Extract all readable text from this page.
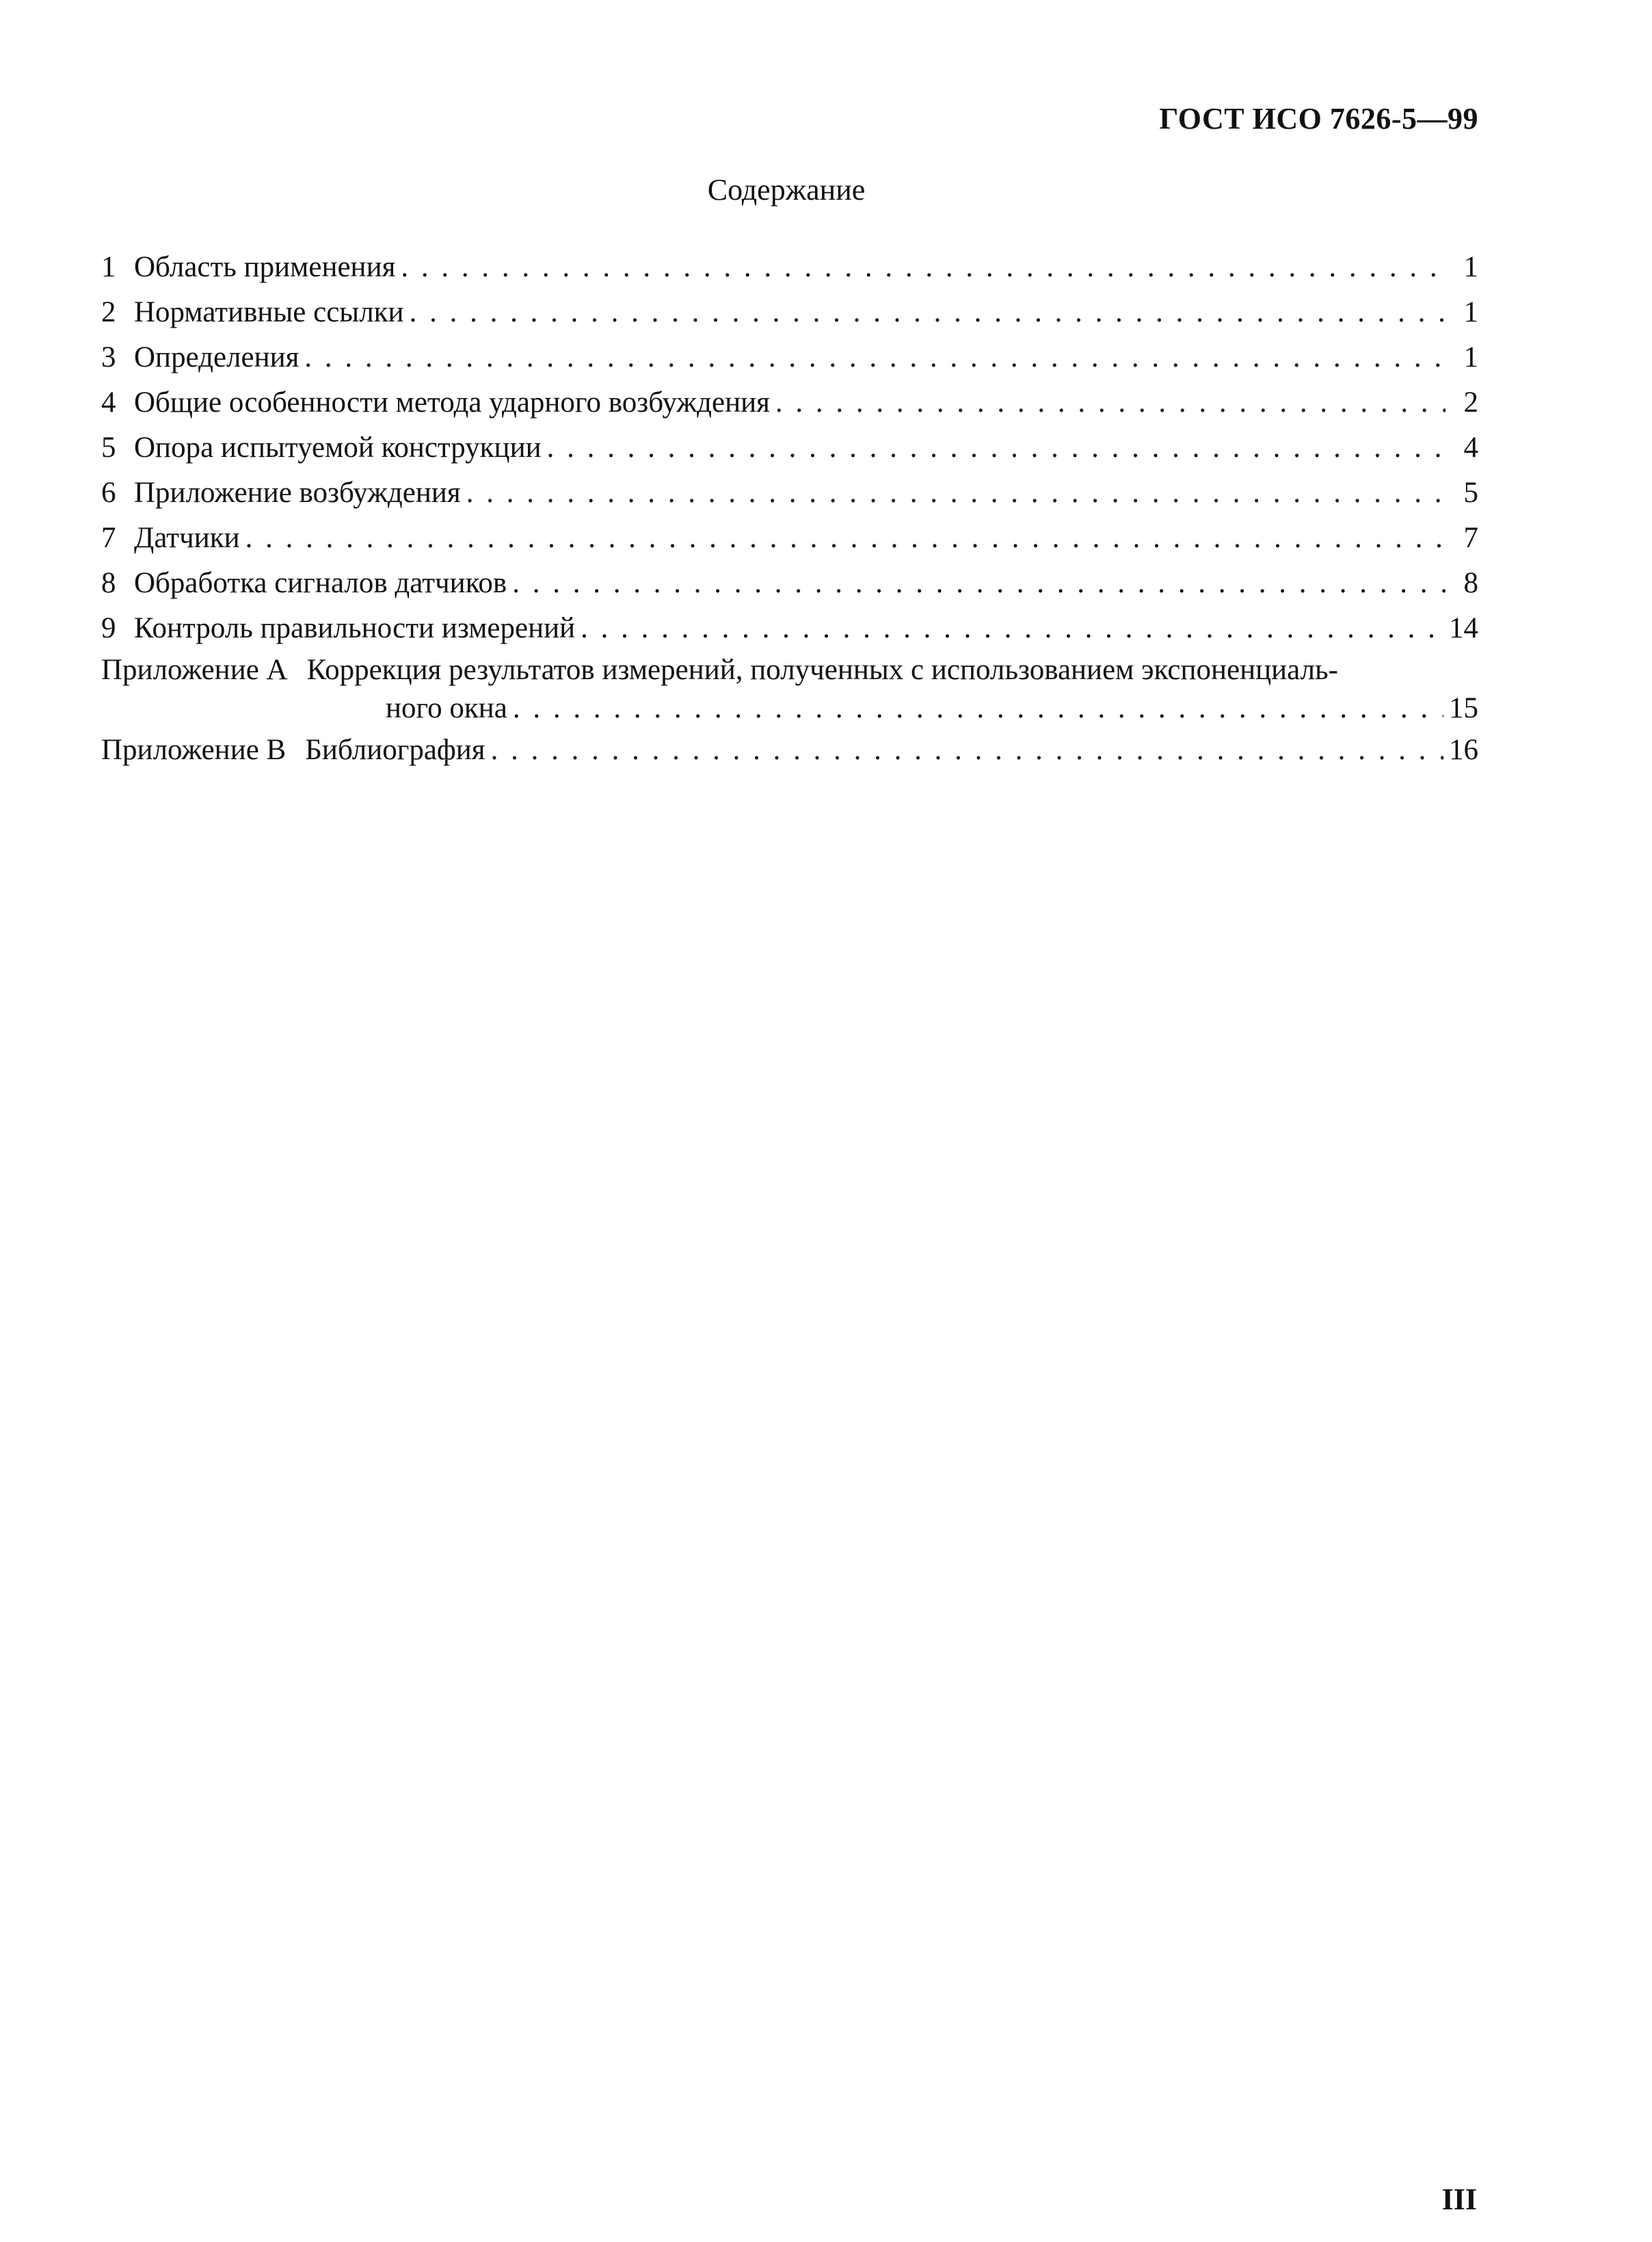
ГОСТ ИСО 7626-5—99
Содержание
1 Область применения . . .	1
2 Нормативные ссылки . . .	1
3 Определения . . .	1
4 Общие особенности метода ударного возбуждения . . .	2
5 Опора испытуемой конструкции . . .	4
6 Приложение возбуждения . . .	5
7 Датчики . . .	7
8 Обработка сигналов датчиков . . .	8
9 Контроль правильности измерений . . .	14
Приложение А Коррекция результатов измерений, полученных с использованием экспоненциаль-
ного окна . . .	15
Приложение В Библиография . . .	16
III
